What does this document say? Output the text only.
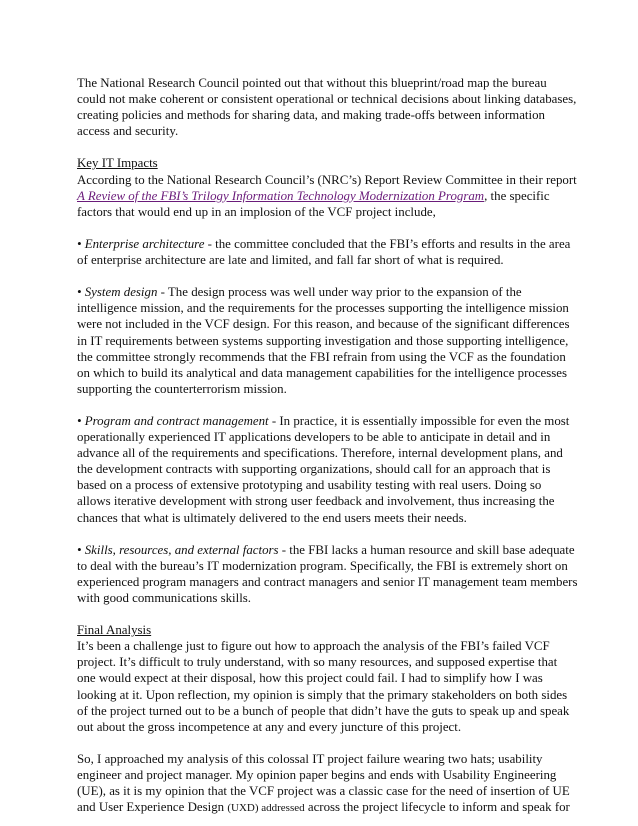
The National Research Council pointed out that without this blueprint/road map the bureau could not make coherent or consistent operational or technical decisions about linking databases, creating policies and methods for sharing data, and making trade-offs between information access and security.

Key IT Impacts
According to the National Research Council’s (NRC’s) Report Review Committee in their report A Review of the FBI’s Trilogy Information Technology Modernization Program, the specific factors that would end up in an implosion of the VCF project include,

• Enterprise architecture - the committee concluded that the FBI’s efforts and results in the area of enterprise architecture are late and limited, and fall far short of what is required.

• System design - The design process was well under way prior to the expansion of the intelligence mission, and the requirements for the processes supporting the intelligence mission were not included in the VCF design. For this reason, and because of the significant differences in IT requirements between systems supporting investigation and those supporting intelligence, the committee strongly recommends that the FBI refrain from using the VCF as the foundation on which to build its analytical and data management capabilities for the intelligence processes supporting the counterterrorism mission.

• Program and contract management - In practice, it is essentially impossible for even the most operationally experienced IT applications developers to be able to anticipate in detail and in advance all of the requirements and specifications. Therefore, internal development plans, and the development contracts with supporting organizations, should call for an approach that is based on a process of extensive prototyping and usability testing with real users. Doing so allows iterative development with strong user feedback and involvement, thus increasing the chances that what is ultimately delivered to the end users meets their needs.

• Skills, resources, and external factors - the FBI lacks a human resource and skill base adequate to deal with the bureau’s IT modernization program. Specifically, the FBI is extremely short on experienced program managers and contract managers and senior IT management team members with good communications skills.

Final Analysis
It’s been a challenge just to figure out how to approach the analysis of the FBI’s failed VCF project. It’s difficult to truly understand, with so many resources, and supposed expertise that one would expect at their disposal, how this project could fail. I had to simplify how I was looking at it. Upon reflection, my opinion is simply that the primary stakeholders on both sides of the project turned out to be a bunch of people that didn’t have the guts to speak up and speak out about the gross incompetence at any and every juncture of this project.

So, I approached my analysis of this colossal IT project failure wearing two hats; usability engineer and project manager. My opinion paper begins and ends with Usability Engineering (UE), as it is my opinion that the VCF project was a classic case for the need of insertion of UE and User Experience Design (UXD) addressed across the project lifecycle to inform and speak for
